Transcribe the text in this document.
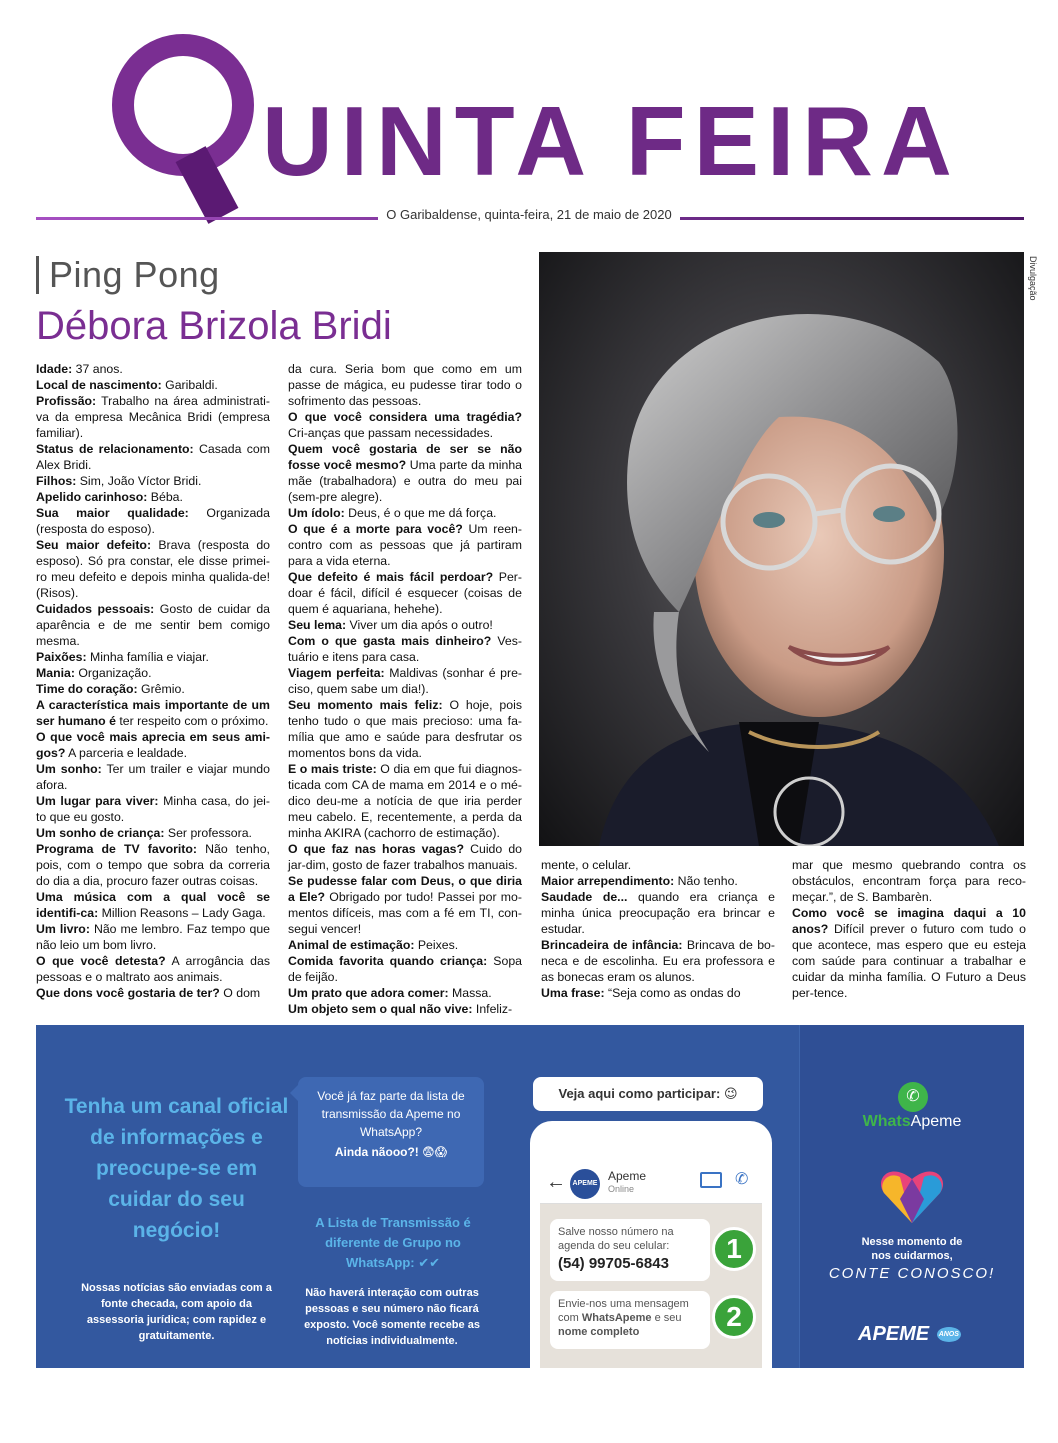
UINTA FEIRA
O Garibaldense, quinta-feira, 21 de maio de 2020
Ping Pong
Débora Brizola Bridi
Divulgação

Idade: 37 anos.

Local de nascimento: Garibaldi.

Profissão: Trabalho na área administrati-va da empresa Mecânica Bridi (empresa familiar).

Status de relacionamento: Casada com Alex Bridi.

Filhos: Sim, João Víctor Bridi.

Apelido carinhoso: Béba.

Sua maior qualidade: Organizada (resposta do esposo).

Seu maior defeito: Brava (resposta do esposo). Só pra constar, ele disse primei-ro meu defeito e depois minha qualida-de! (Risos).

Cuidados pessoais: Gosto de cuidar da aparência e de me sentir bem comigo mesma.

Paixões: Minha família e viajar.

Mania: Organização.

Time do coração: Grêmio.

A característica mais importante de um ser humano é ter respeito com o próximo.

O que você mais aprecia em seus ami-gos? A parceria e lealdade.

Um sonho: Ter um trailer e viajar mundo afora.

Um lugar para viver: Minha casa, do jei-to que eu gosto.

Um sonho de criança: Ser professora.

Programa de TV favorito: Não tenho, pois, com o tempo que sobra da correria do dia a dia, procuro fazer outras coisas.

Uma música com a qual você se identifi-ca: Million Reasons – Lady Gaga.

Um livro: Não me lembro. Faz tempo que não leio um bom livro.

O que você detesta? A arrogância das pessoas e o maltrato aos animais.

Que dons você gostaria de ter? O dom

da cura. Seria bom que como em um passe de mágica, eu pudesse tirar todo o sofrimento das pessoas.

O que você considera uma tragédia? Cri-anças que passam necessidades.

Quem você gostaria de ser se não fosse você mesmo? Uma parte da minha mãe (trabalhadora) e outra do meu pai (sem-pre alegre).

Um ídolo: Deus, é o que me dá força.

O que é a morte para você? Um reen-contro com as pessoas que já partiram para a vida eterna.

Que defeito é mais fácil perdoar? Per-doar é fácil, difícil é esquecer (coisas de quem é aquariana, hehehe).

Seu lema: Viver um dia após o outro!

Com o que gasta mais dinheiro? Ves-tuário e itens para casa.

Viagem perfeita: Maldivas (sonhar é pre-ciso, quem sabe um dia!).

Seu momento mais feliz: O hoje, pois tenho tudo o que mais precioso: uma fa-mília que amo e saúde para desfrutar os momentos bons da vida.

E o mais triste: O dia em que fui diagnos-ticada com CA de mama em 2014 e o mé-dico deu-me a notícia de que iria perder meu cabelo. E, recentemente, a perda da minha AKIRA (cachorro de estimação).

O que faz nas horas vagas? Cuido do jar-dim, gosto de fazer trabalhos manuais.

Se pudesse falar com Deus, o que diria a Ele? Obrigado por tudo! Passei por mo-mentos difíceis, mas com a fé em TI, con-segui vencer!

Animal de estimação: Peixes.

Comida favorita quando criança: Sopa de feijão.

Um prato que adora comer: Massa.

Um objeto sem o qual não vive: Infeliz-

mente, o celular.

Maior arrependimento: Não tenho.

Saudade de... quando era criança e minha única preocupação era brincar e estudar.

Brincadeira de infância: Brincava de bo-neca e de escolinha. Eu era professora e as bonecas eram os alunos.

Uma frase: “Seja como as ondas do

mar que mesmo quebrando contra os obstáculos, encontram força para reco-meçar.”, de S. Bambarèn.

Como você se imagina daqui a 10 anos? Difícil prever o futuro com tudo o que acontece, mas espero que eu esteja com saúde para continuar a trabalhar e cuidar da minha família. O Futuro a Deus per-tence.

Tenha um canal oficial de informações e preocupe-se em cuidar do seu negócio!
Nossas notícias são enviadas com a fonte checada, com apoio da assessoria jurídica; com rapidez e gratuitamente.
Você já faz parte da lista de transmissão da Apeme no WhatsApp?
Ainda nãooo?! 😨😱
A Lista de Transmissão é diferente de Grupo no WhatsApp: ✔✔
Não haverá interação com outras pessoas e seu número não ficará exposto. Você somente recebe as notícias individualmente.
Veja aqui como participar: 😉
← APEME
Apeme
Online
✆
Salve nosso número na agenda do seu celular:
(54) 99705-6843	1
Envie-nos uma mensagem com WhatsApeme e seu nome completo	2
✆
WhatsApeme
Nesse momento de nos cuidarmos,
CONTE CONOSCO!
APEME ANOS
